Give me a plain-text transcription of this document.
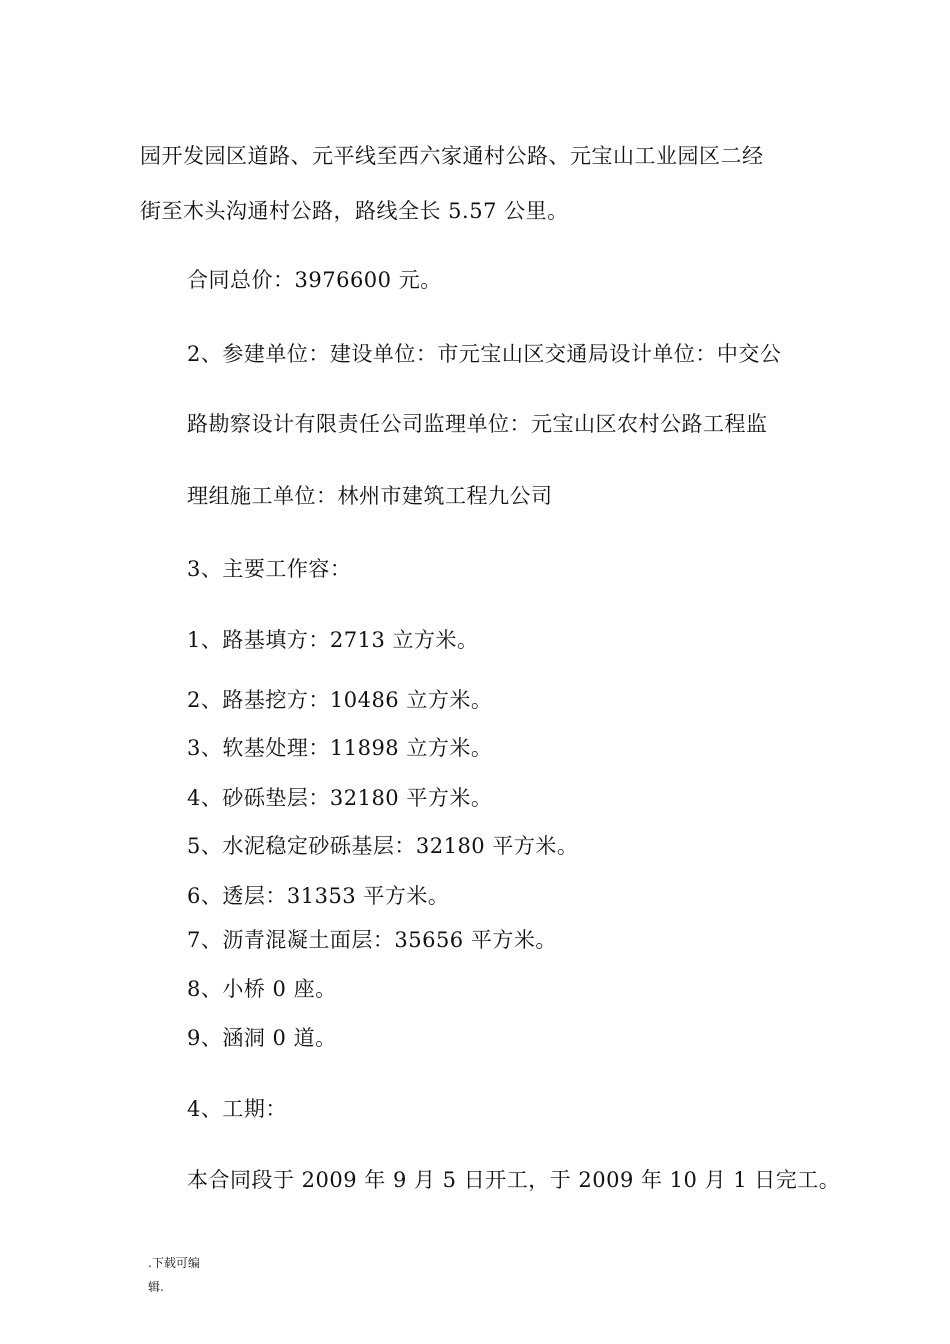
园开发园区道路、元平线至西六家通村公路、元宝山工业园区二经
街至木头沟通村公路，路线全长 5.57 公里。
合同总价：3976600 元。
2、参建单位：建设单位：市元宝山区交通局设计单位：中交公
路勘察设计有限责任公司监理单位：元宝山区农村公路工程监
理组施工单位：林州市建筑工程九公司
3、主要工作容：
1、路基填方：2713 立方米。
2、路基挖方：10486 立方米。
3、软基处理：11898 立方米。
4、砂砾垫层：32180 平方米。
5、水泥稳定砂砾基层：32180 平方米。
6、透层：31353 平方米。
7、沥青混凝土面层：35656 平方米。
8、小桥 0 座。
9、涵洞 0 道。
4、工期：
本合同段于 2009 年 9 月 5 日开工，于 2009 年 10 月 1 日完工。
.下载可编
辑.
